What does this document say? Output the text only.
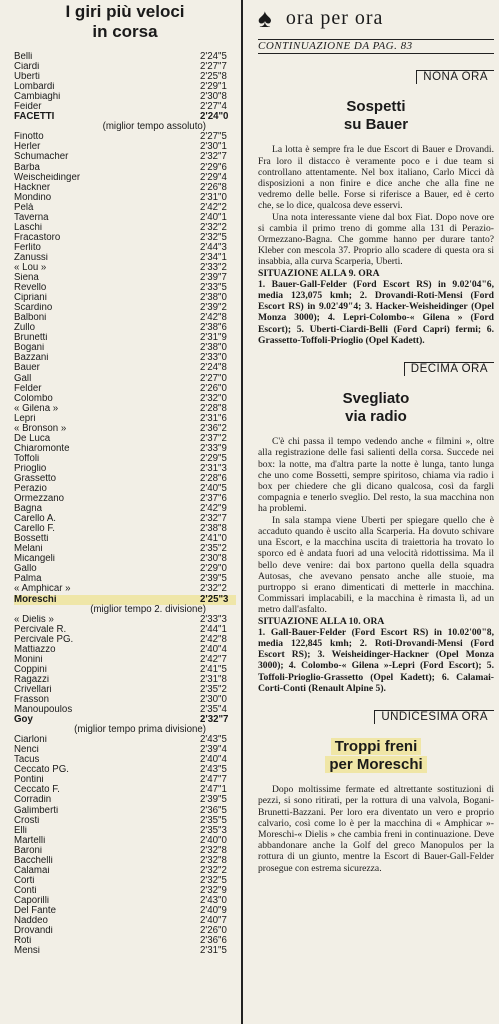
I giri più veloci
in corsa
Belli	2'24"5
Ciardi	2'27"7
Uberti	2'25"8
Lombardi	2'29"1
Cambiaghi	2'30"8
Feider	2'27"4
FACETTI	2'24"0
(miglior tempo assoluto)
Finotto	2'27"5
Herler	2'30"1
Schumacher	2'32"7
Barba	2'29"6
Weischeidinger	2'29"4
Hackner	2'26"8
Mondino	2'31"0
Pelà	2'42"2
Taverna	2'40"1
Laschi	2'32"2
Fracastoro	2'32"5
Ferlito	2'44"3
Zanussi	2'34"1
« Lou »	2'33"2
Siena	2'39"7
Revello	2'33"5
Cipriani	2'38"0
Scardino	2'39"2
Balboni	2'42"8
Zullo	2'38"6
Brunetti	2'31"9
Bogani	2'38"0
Bazzani	2'33"0
Bauer	2'24"8
Gall	2'27"0
Felder	2'26"0
Colombo	2'32"0
« Gilena »	2'28"8
Lepri	2'31"6
« Bronson »	2'36"2
De Luca	2'37"2
Chiaromonte	2'33"9
Toffoli	2'29"5
Prioglio	2'31"3
Grassetto	2'28"6
Perazio	2'40"5
Ormezzano	2'37"6
Bagna	2'42"9
Carello A.	2'32"7
Carello F.	2'38"8
Bossetti	2'41"0
Melani	2'35"2
Micangeli	2'30"8
Gallo	2'29"0
Palma	2'39"5
« Amphicar »	2'32"2
Moreschi	2'25"3
(miglior tempo 2. divisione)
« Dielis »	2'33"3
Percivale R.	2'44"1
Percivale PG.	2'42"8
Mattiazzo	2'40"4
Monini	2'42"7
Coppini	2'41"5
Ragazzi	2'31"8
Crivellari	2'35"2
Frasson	2'30"0
Manoupoulos	2'35"4
Goy	2'32"7
(miglior tempo prima divisione)
Ciarloni	2'43"5
Nenci	2'39"4
Tacus	2'40"4
Ceccato PG.	2'43"5
Pontini	2'47"7
Ceccato F.	2'47"1
Corradin	2'39"5
Galimberti	2'36"5
Crosti	2'35"5
Elli	2'35"3
Martelli	2'40"0
Baroni	2'32"8
Bacchelli	2'32"8
Calamai	2'32"2
Corti	2'32"5
Conti	2'32"9
Caporilli	2'43"0
Del Fante	2'40"9
Naddeo	2'40"7
Drovandi	2'26"0
Roti	2'36"6
Mensi	2'31"5
♠ ora per ora
CONTINUAZIONE DA PAG. 83
NONA ORA
Sospetti
su Bauer

La lotta è sempre fra le due Escort di Bauer e Drovandi. Fra loro il distacco è veramente poco e i due team si controllano attentamente. Nel box italiano, Carlo Micci dà disposizioni a non finire e dice anche che alla fine ne vedremo delle belle. Forse si riferisce a Bauer, ed è certo che, se lo dice, qualcosa deve esservi.

Una nota interessante viene dal box Fiat. Dopo nove ore si cambia il primo treno di gomme alla 131 di Perazio-Ormezzano-Bagna. Che gomme hanno per durare tanto? Kleber con mescola 37. Proprio allo scadere di questa ora si insabbia, alla curva Scarperia, Uberti.

SITUAZIONE ALLA 9. ORA

1. Bauer-Gall-Felder (Ford Escort RS) in 9.02'04"6, media 123,075 kmh; 2. Drovandi-Roti-Mensi (Ford Escort RS) in 9.02'49"4; 3. Hacker-Weisheidinger (Opel Monza 3000); 4. Lepri-Colombo-« Gilena » (Ford Escort); 5. Uberti-Ciardi-Belli (Ford Capri) fermi; 6. Grassetto-Toffoli-Prioglio (Opel Kadett).

DECIMA ORA
Svegliato
via radio

C'è chi passa il tempo vedendo anche « filmini », oltre alla registrazione delle fasi salienti della corsa. Succede nei box: la notte, ma d'altra parte la notte è lunga, tanto lunga che uno come Bossetti, sempre spiritoso, chiama via radio i box per chiedere che gli dicano qualcosa, così da fargli compagnia e tenerlo sveglio. Del resto, la sua macchina non ha problemi.

In sala stampa viene Uberti per spiegare quello che è accaduto quando è uscito alla Scarperia. Ha dovuto schivare una Escort, e la macchina uscita di traiettoria ha trovato lo sporco ed è andata fuori ad una velocità ridottissima. Ma il bello deve venire: dai box partono quella della squadra Autosas, che avevano pensato anche alle stuoie, ma purtroppo si erano dimenticati di metterle in macchina. Commissari implacabili, e la macchina è rimasta lì, ad un metro dall'asfalto.

SITUAZIONE ALLA 10. ORA

1. Gall-Bauer-Felder (Ford Escort RS) in 10.02'00"8, media 122,845 kmh; 2. Roti-Drovandi-Mensi (Ford Escort RS); 3. Weisheidinger-Hackner (Opel Monza 3000); 4. Colombo-« Gilena »-Lepri (Ford Escort); 5. Toffoli-Prioglio-Grassetto (Opel Kadett); 6. Calamai-Corti-Conti (Renault Alpine 5).

UNDICESIMA ORA
Troppi freni
per Moreschi

Dopo moltissime fermate ed altrettante sostituzioni di pezzi, si sono ritirati, per la rottura di una valvola, Bogani-Brunetti-Bazzani. Per loro era diventato un vero e proprio calvario, così come lo è per la macchina di « Amphicar »-Moreschi-« Dielis » che cambia freni in continuazione. Deve abbandonare anche la Golf del greco Manopulos per la rottura di un giunto, mentre la Escort di Bauer-Gall-Felder prosegue con estrema sicurezza.
